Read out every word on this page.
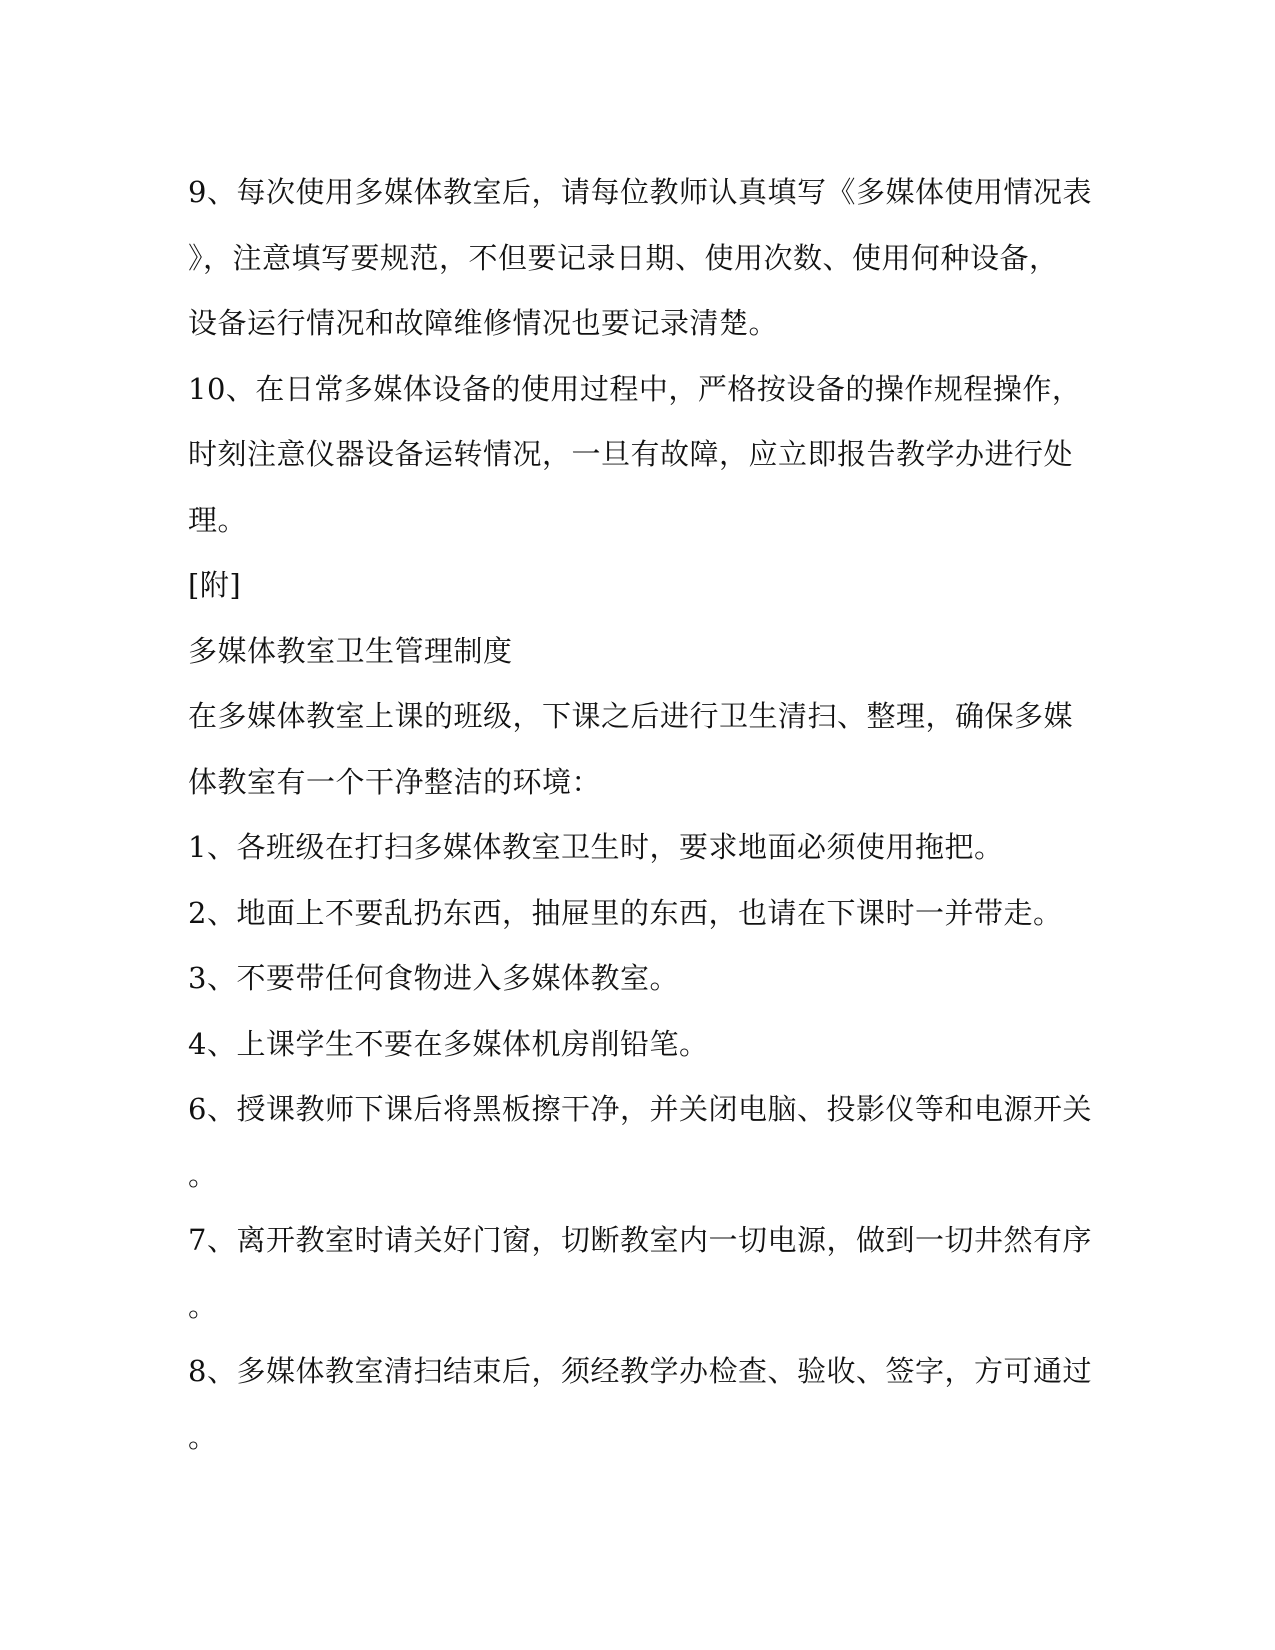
9、每次使用多媒体教室后，请每位教师认真填写《多媒体使用情况表
》，注意填写要规范，不但要记录日期、使用次数、使用何种设备，
设备运行情况和故障维修情况也要记录清楚。
10、在日常多媒体设备的使用过程中，严格按设备的操作规程操作，
时刻注意仪器设备运转情况，一旦有故障，应立即报告教学办进行处
理。
[附]
多媒体教室卫生管理制度
在多媒体教室上课的班级，下课之后进行卫生清扫、整理，确保多媒
体教室有一个干净整洁的环境：
1、各班级在打扫多媒体教室卫生时，要求地面必须使用拖把。
2、地面上不要乱扔东西，抽屉里的东西，也请在下课时一并带走。
3、不要带任何食物进入多媒体教室。
4、上课学生不要在多媒体机房削铅笔。
6、授课教师下课后将黑板擦干净，并关闭电脑、投影仪等和电源开关
。
7、离开教室时请关好门窗，切断教室内一切电源，做到一切井然有序
。
8、多媒体教室清扫结束后，须经教学办检查、验收、签字，方可通过
。
